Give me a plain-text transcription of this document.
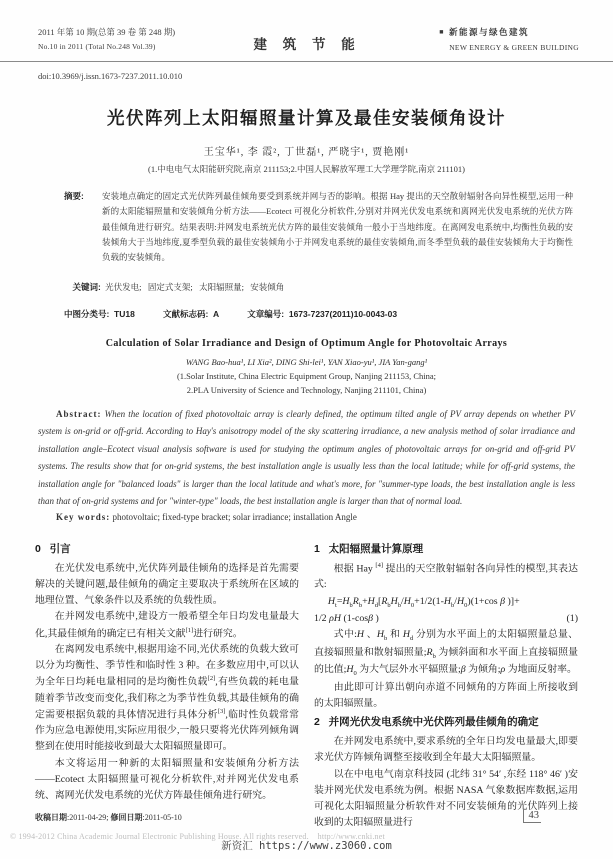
2011 年第 10 期(总第 39 卷 第 248 期)
No.10 in 2011 (Total No.248 Vol.39)	建 筑 节 能
■ 新能源与绿色建筑
NEW ENERGY & GREEN BUILDING
doi:10.3969/j.issn.1673-7237.2011.10.010
光伏阵列上太阳辐照量计算及最佳安装倾角设计
王宝华¹, 李 霞², 丁世磊¹, 严晓宇¹, 贾艳刚¹
(1.中电电气太阳能研究院,南京 211153;2.中国人民解放军理工大学理学院,南京 211101)
摘要:	安装地点确定的固定式光伏阵列最佳倾角要受到系统并网与否的影响。根据 Hay 提出的天空散射辐射各向异性模型,运用一种新的太阳能辐照量和安装倾角分析方法——Ecotect 可视化分析软件,分别对并网光伏发电系统和离网光伏发电系统的光伏方阵最佳倾角进行研究。结果表明:并网发电系统光伏方阵的最佳安装倾角一般小于当地纬度。在离网发电系统中,均衡性负载的安装倾角大于当地纬度,夏季型负载的最佳安装倾角小于并网发电系统的最佳安装倾角,而冬季型负载的最佳安装倾角大于均衡性负载的安装倾角。

关键词:  光伏发电;   固定式支架;   太阳辐照量;   安装倾角

中图分类号:  TU18	文献标志码:  A	文章编号:  1673-7237(2011)10-0043-03
Calculation of Solar Irradiance and Design of Optimum Angle for Photovoltaic Arrays
WANG Bao-hua¹, LI Xia², DING Shi-lei¹, YAN Xiao-yu¹, JIA Yan-gang¹
(1.Solar Institute, China Electric Equipment Group, Nanjing 211153, China;
2.PLA University of Science and Technology, Nanjing 211101, China)
Abstract: When the location of fixed photovoltaic array is clearly defined, the optimum tilted angle of PV array depends on whether PV system is on-grid or off-grid. According to Hay's anisotropy model of the sky scattering irradiance, a new analysis method of solar irradiance and installation angle–Ecotect visual analysis software is used for studying the optimum angles of photovoltaic arrays for on-grid and off-grid PV systems. The results show that for on-grid systems, the best installation angle is usually less than the local latitude; while for off-grid systems, the installation angle for "balanced loads" is larger than the local latitude and what's more, for "summer-type loads, the best installation angle is less than that of on-grid systems and for "winter-type" loads, the best installation angle is larger than that of normal load.
Key words: photovoltaic; fixed-type bracket; solar irradiance; installation Angle
0   引言

在光伏发电系统中,光伏阵列最佳倾角的选择是首先需要解决的关键问题,最佳倾角的确定主要取决于系统所在区域的地理位置、气象条件以及系统的负载性质。

在并网发电系统中,建设方一般希望全年日均发电量最大化,其最佳倾角的确定已有相关文献[1]进行研究。

在离网发电系统中,根据用途不同,光伏系统的负载大致可以分为均衡性、季节性和临时性 3 种。在多数应用中,可以认为全年日均耗电量相同的是均衡性负载[2],有些负载的耗电量随着季节改变而变化,我们称之为季节性负载,其最佳倾角的确定需要根据负载的具体情况进行具体分析[3],临时性负载常常作为应急电源使用,实际应用很少,一般只要将光伏阵列倾角调整到在使用时能接收到最大太阳辐照量即可。

本文将运用一种新的太阳辐照量和安装倾角分析方法——Ecotect 太阳辐照量可视化分析软件,对并网光伏发电系统、离网光伏发电系统的光伏方阵最佳倾角进行研究。

收稿日期:2011-04-29; 修回日期:2011-05-10
1   太阳辐照量计算原理

根据 Hay [4] 提出的天空散射辐射各向异性的模型,其表达式:

$H_t=H_bR_b+H_d[R_bH_b/H_0+1/2(1-H_b/H_0)(1+\cos$ β )]+
1/2 ρH (1-cosβ )	(1)

式中:H 、$H_b$ 和 $H_d$ 分别为水平面上的太阳辐照量总量、直接辐照量和散射辐照量$;R_b$ 为倾斜面和水平面上直接辐照量的比值$;H_0$ 为大气层外水平辐照量;β 为倾角;ρ 为地面反射率。

由此即可计算出朝向赤道不同倾角的方阵面上所接收到的太阳辐照量。

2   并网光伏发电系统中光伏阵列最佳倾角的确定

在并网发电系统中,要求系统的全年日均发电量最大,即要求光伏方阵倾角调整至接收到全年最大太阳辐照量。

以在中电电气南京科技园 (北纬 31° 54′ ,东经 118° 46′ )安装并网光伏发电系统为例。根据 NASA 气象数据库数据,运用可视化太阳辐照量分析软件对不同安装倾角的光伏阵列上接收到的太阳辐照量进行

43
© 1994-2012 China Academic Journal Electronic Publishing House. All rights reserved.    http://www.cnki.net
新资汇 https://www.z3060.com
